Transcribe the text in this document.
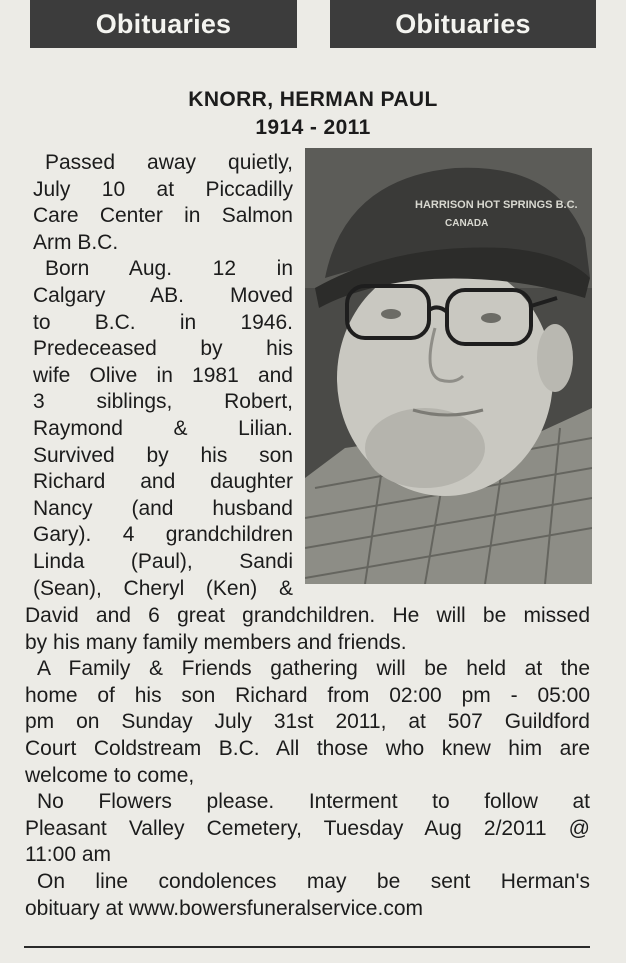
Obituaries	Obituaries
KNORR, HERMAN PAUL
1914 - 2011
HARRISON HOT SPRINGS B.C.
CANADA
Passed away quietly,
July 10 at Piccadilly
Care Center in Salmon
Arm B.C.
Born Aug. 12 in
Calgary AB. Moved
to B.C. in 1946.
Predeceased by his
wife Olive in 1981 and
3 siblings, Robert,
Raymond & Lilian.
Survived by his son
Richard and daughter
Nancy (and husband
Gary). 4 grandchildren
Linda (Paul), Sandi
(Sean), Cheryl (Ken) &
David and 6 great grandchildren. He will be missed
by his many family members and friends.
A Family & Friends gathering will be held at the
home of his son Richard from 02:00 pm - 05:00
pm on Sunday July 31st 2011, at 507 Guildford
Court Coldstream B.C. All those who knew him are
welcome to come,
No Flowers please. Interment to follow at
Pleasant Valley Cemetery, Tuesday Aug 2/2011 @
11:00 am
On line condolences may be sent Herman's
obituary at www.bowersfuneralservice.com
